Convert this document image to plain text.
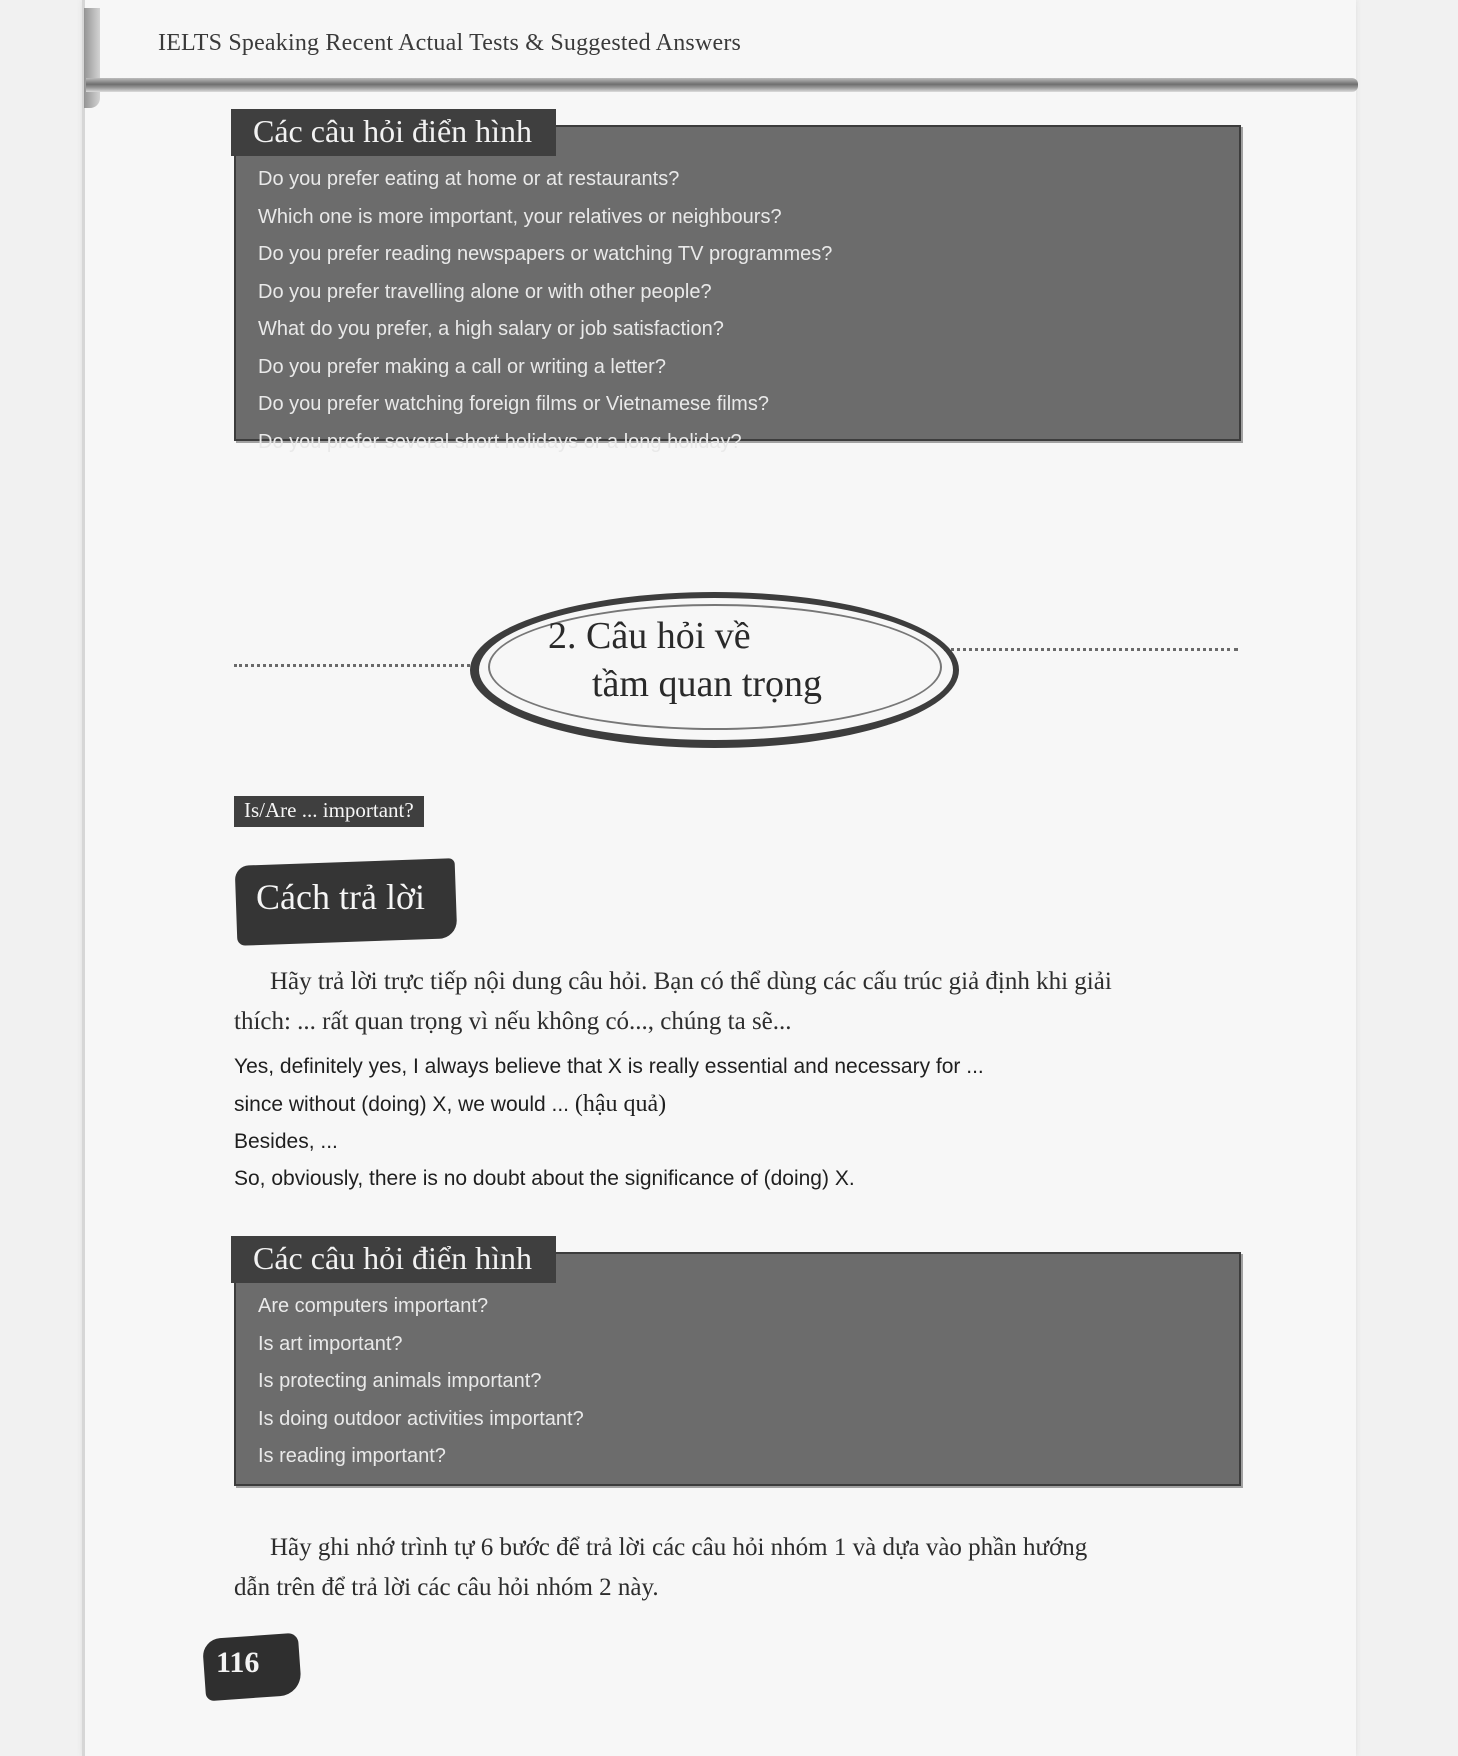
IELTS Speaking Recent Actual Tests & Suggested Answers
Các câu hỏi điển hình
Do you prefer eating at home or at restaurants?
Which one is more important, your relatives or neighbours?
Do you prefer reading newspapers or watching TV programmes?
Do you prefer travelling alone or with other people?
What do you prefer, a high salary or job satisfaction?
Do you prefer making a call or writing a letter?
Do you prefer watching foreign films or Vietnamese films?
Do you prefer several short holidays or a long holiday?
2. Câu hỏi về
tầm quan trọng
Is/Are ... important?
Cách trả lời
Hãy trả lời trực tiếp nội dung câu hỏi. Bạn có thể dùng các cấu trúc giả định khi giải
thích: ... rất quan trọng vì nếu không có..., chúng ta sẽ...
Yes, definitely yes, I always believe that X is really essential and necessary for ...
since without (doing) X, we would ... (hậu quả)
Besides, ...
So, obviously, there is no doubt about the significance of (doing) X.
Các câu hỏi điển hình
Are computers important?
Is art important?
Is protecting animals important?
Is doing outdoor activities important?
Is reading important?
Hãy ghi nhớ trình tự 6 bước để trả lời các câu hỏi nhóm 1 và dựa vào phần hướng
dẫn trên để trả lời các câu hỏi nhóm 2 này.
116
